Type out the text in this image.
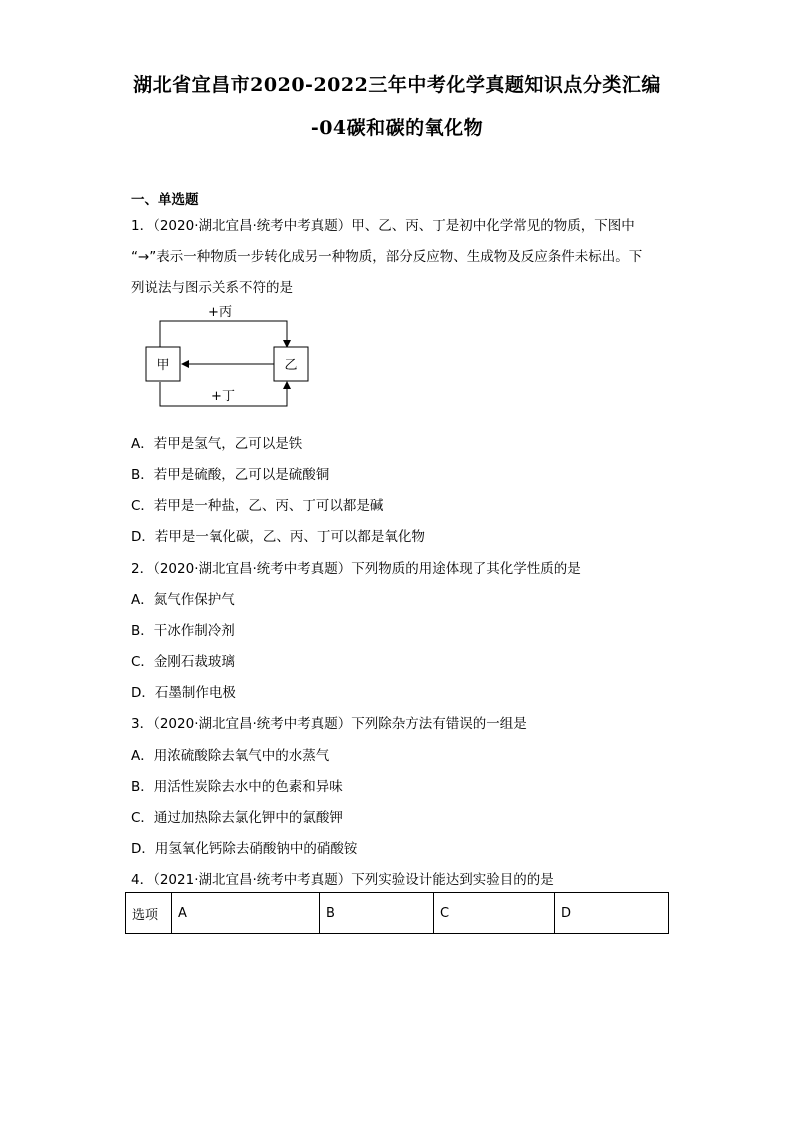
湖北省宜昌市2020-2022三年中考化学真题知识点分类汇编
-04碳和碳的氧化物
一、单选题
1．（2020·湖北宜昌·统考中考真题）甲、乙、丙、丁是初中化学常见的物质，下图中
“→”表示一种物质一步转化成另一种物质，部分反应物、生成物及反应条件未标出。下
列说法与图示关系不符的是
甲	乙
+丙
+丁
A．若甲是氢气，乙可以是铁
B．若甲是硫酸，乙可以是硫酸铜
C．若甲是一种盐，乙、丙、丁可以都是碱
D．若甲是一氧化碳，乙、丙、丁可以都是氧化物
2．（2020·湖北宜昌·统考中考真题）下列物质的用途体现了其化学性质的是
A．氮气作保护气
B．干冰作制冷剂
C．金刚石裁玻璃
D．石墨制作电极
3．（2020·湖北宜昌·统考中考真题）下列除杂方法有错误的一组是
A．用浓硫酸除去氧气中的水蒸气
B．用活性炭除去水中的色素和异味
C．通过加热除去氯化钾中的氯酸钾
D．用氢氧化钙除去硝酸钠中的硝酸铵
4．（2021·湖北宜昌·统考中考真题）下列实验设计能达到实验目的的是
选项	A	B	C	D
